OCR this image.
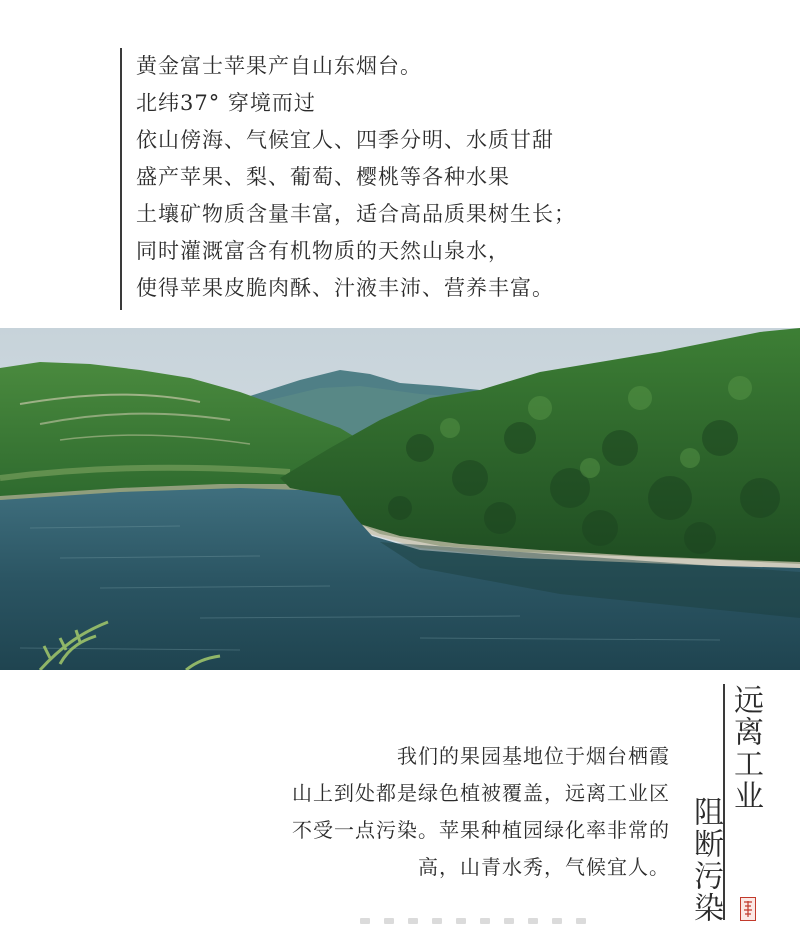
黄金富士苹果产自山东烟台。
北纬37° 穿境而过
依山傍海、气候宜人、四季分明、水质甘甜
盛产苹果、梨、葡萄、樱桃等各种水果
土壤矿物质含量丰富，适合高品质果树生长；
同时灌溉富含有机物质的天然山泉水，
使得苹果皮脆肉酥、汁液丰沛、营养丰富。
远离工业
阻断污染
我们的果园基地位于烟台栖霞
山上到处都是绿色植被覆盖，远离工业区
不受一点污染。苹果种植园绿化率非常的
高，山青水秀，气候宜人。
